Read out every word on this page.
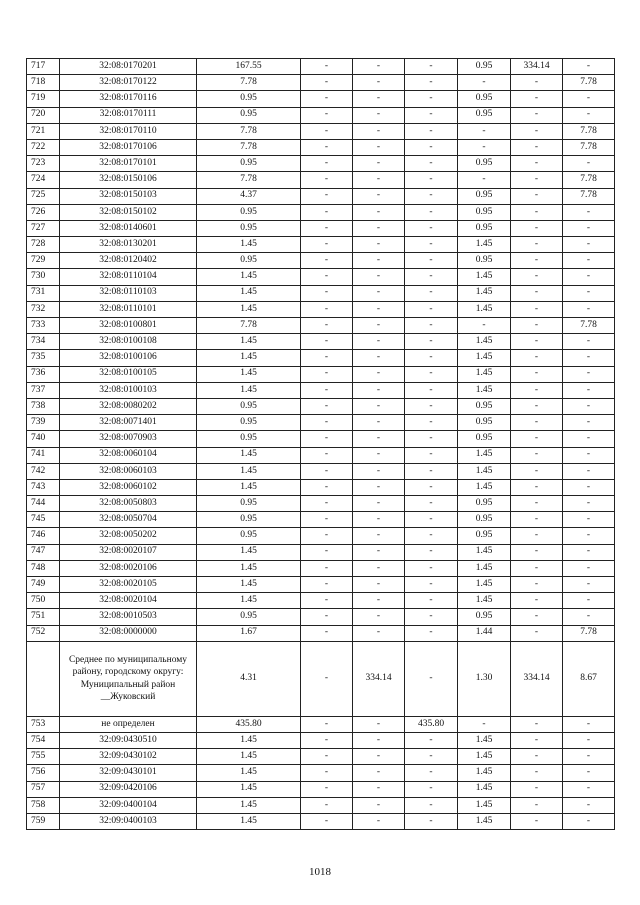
717	32:08:0170201	167.55	-	-	-	0.95	334.14	-
718	32:08:0170122	7.78	-	-	-	-	-	7.78
719	32:08:0170116	0.95	-	-	-	0.95	-	-
720	32:08:0170111	0.95	-	-	-	0.95	-	-
721	32:08:0170110	7.78	-	-	-	-	-	7.78
722	32:08:0170106	7.78	-	-	-	-	-	7.78
723	32:08:0170101	0.95	-	-	-	0.95	-	-
724	32:08:0150106	7.78	-	-	-	-	-	7.78
725	32:08:0150103	4.37	-	-	-	0.95	-	7.78
726	32:08:0150102	0.95	-	-	-	0.95	-	-
727	32:08:0140601	0.95	-	-	-	0.95	-	-
728	32:08:0130201	1.45	-	-	-	1.45	-	-
729	32:08:0120402	0.95	-	-	-	0.95	-	-
730	32:08:0110104	1.45	-	-	-	1.45	-	-
731	32:08:0110103	1.45	-	-	-	1.45	-	-
732	32:08:0110101	1.45	-	-	-	1.45	-	-
733	32:08:0100801	7.78	-	-	-	-	-	7.78
734	32:08:0100108	1.45	-	-	-	1.45	-	-
735	32:08:0100106	1.45	-	-	-	1.45	-	-
736	32:08:0100105	1.45	-	-	-	1.45	-	-
737	32:08:0100103	1.45	-	-	-	1.45	-	-
738	32:08:0080202	0.95	-	-	-	0.95	-	-
739	32:08:0071401	0.95	-	-	-	0.95	-	-
740	32:08:0070903	0.95	-	-	-	0.95	-	-
741	32:08:0060104	1.45	-	-	-	1.45	-	-
742	32:08:0060103	1.45	-	-	-	1.45	-	-
743	32:08:0060102	1.45	-	-	-	1.45	-	-
744	32:08:0050803	0.95	-	-	-	0.95	-	-
745	32:08:0050704	0.95	-	-	-	0.95	-	-
746	32:08:0050202	0.95	-	-	-	0.95	-	-
747	32:08:0020107	1.45	-	-	-	1.45	-	-
748	32:08:0020106	1.45	-	-	-	1.45	-	-
749	32:08:0020105	1.45	-	-	-	1.45	-	-
750	32:08:0020104	1.45	-	-	-	1.45	-	-
751	32:08:0010503	0.95	-	-	-	0.95	-	-
752	32:08:0000000	1.67	-	-	-	1.44	-	7.78
	Среднее по муниципальному району, городскому округу: Муниципальный район __Жуковский	4.31	-	334.14	-	1.30	334.14	8.67
753	не определен	435.80	-	-	435.80	-	-	-
754	32:09:0430510	1.45	-	-	-	1.45	-	-
755	32:09:0430102	1.45	-	-	-	1.45	-	-
756	32:09:0430101	1.45	-	-	-	1.45	-	-
757	32:09:0420106	1.45	-	-	-	1.45	-	-
758	32:09:0400104	1.45	-	-	-	1.45	-	-
759	32:09:0400103	1.45	-	-	-	1.45	-	-
1018
